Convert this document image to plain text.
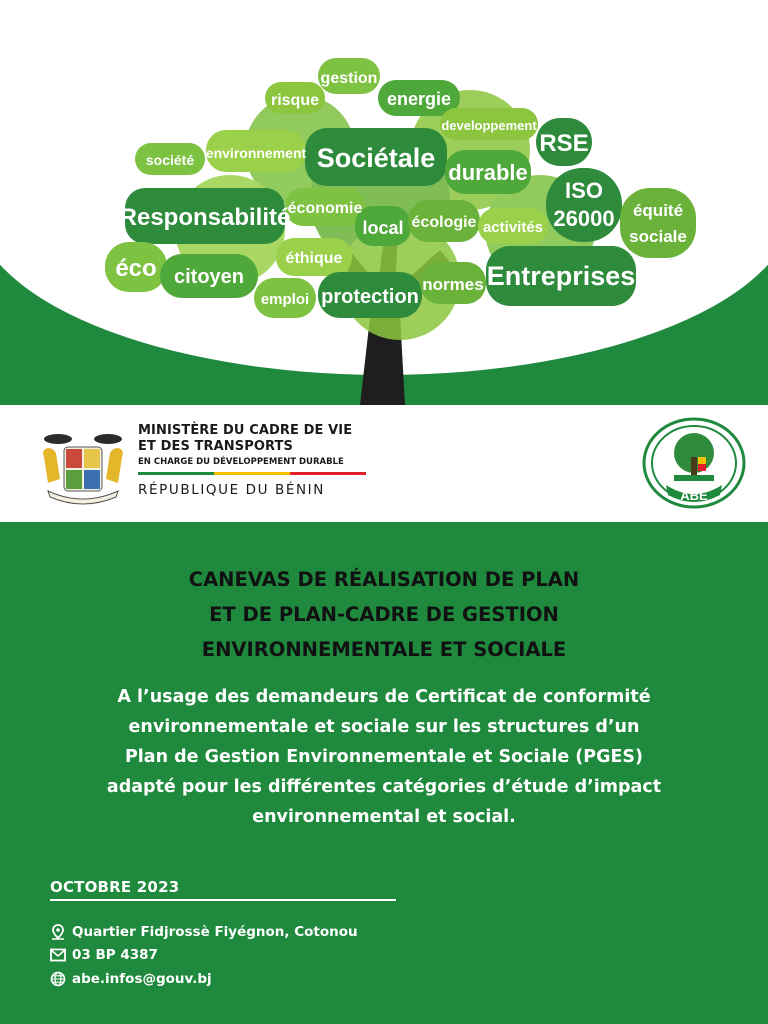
risque
gestion
energie
developpement
RSE
société environnement Sociétale durable
ISO
26000 équité
sociale
Responsabilité
économie
local écologie activités
éco citoyen
éthique
emploi protection
normes Entreprises
MINISTÈRE DU CADRE DE VIE
ET DES TRANSPORTS
EN CHARGE DU DÉVELOPPEMENT DURABLE
RÉPUBLIQUE DU BÉNIN	ABE
CANEVAS DE RÉALISATION DE PLAN
ET DE PLAN-CADRE DE GESTION
ENVIRONNEMENTALE ET SOCIALE
A l’usage des demandeurs de Certificat de conformité
environnementale et sociale sur les structures d’un
Plan de Gestion Environnementale et Sociale (PGES)
adapté pour les différentes catégories d’étude d’impact
environnemental et social.
OCTOBRE 2023
Quartier Fidjrossè Fiyégnon, Cotonou
03 BP 4387
abe.infos@gouv.bj
